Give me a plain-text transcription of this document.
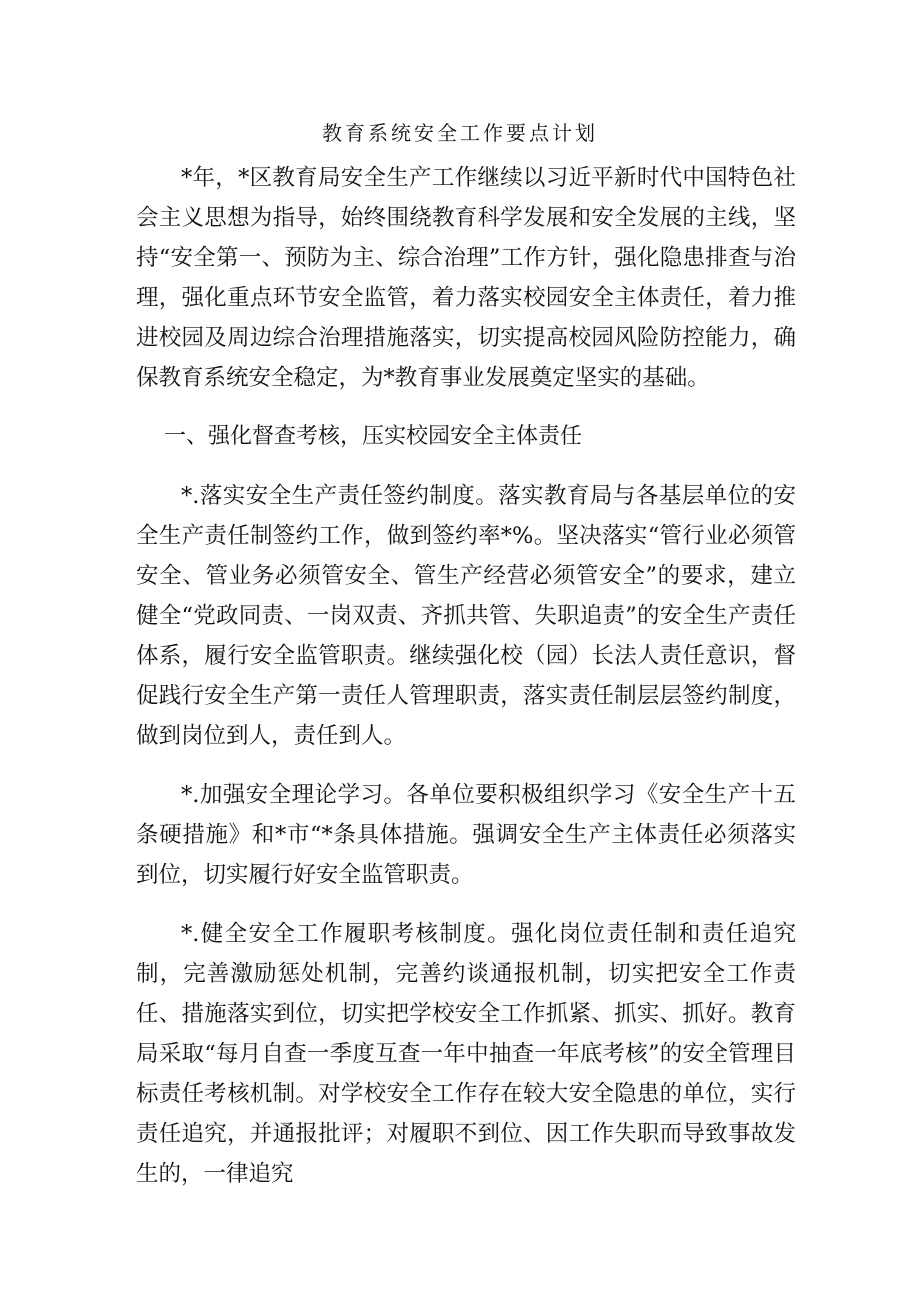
教育系统安全工作要点计划

*年，*区教育局安全生产工作继续以习近平新时代中国特色社会主义思想为指导，始终围绕教育科学发展和安全发展的主线，坚持“安全第一、预防为主、综合治理”工作方针，强化隐患排查与治理，强化重点环节安全监管，着力落实校园安全主体责任，着力推进校园及周边综合治理措施落实，切实提高校园风险防控能力，确保教育系统安全稳定，为*教育事业发展奠定坚实的基础。

一、强化督查考核，压实校园安全主体责任

*.落实安全生产责任签约制度。落实教育局与各基层单位的安全生产责任制签约工作，做到签约率*%。坚决落实“管行业必须管安全、管业务必须管安全、管生产经营必须管安全”的要求，建立健全“党政同责、一岗双责、齐抓共管、失职追责”的安全生产责任体系，履行安全监管职责。继续强化校（园）长法人责任意识，督促践行安全生产第一责任人管理职责，落实责任制层层签约制度，做到岗位到人，责任到人。

*.加强安全理论学习。各单位要积极组织学习《安全生产十五条硬措施》和*市“*条具体措施。强调安全生产主体责任必须落实到位，切实履行好安全监管职责。

*.健全安全工作履职考核制度。强化岗位责任制和责任追究制，完善激励惩处机制，完善约谈通报机制，切实把安全工作责任、措施落实到位，切实把学校安全工作抓紧、抓实、抓好。教育局采取“每月自查一季度互查一年中抽查一年底考核”的安全管理目标责任考核机制。对学校安全工作存在较大安全隐患的单位，实行责任追究，并通报批评；对履职不到位、因工作失职而导致事故发生的，一律追究
